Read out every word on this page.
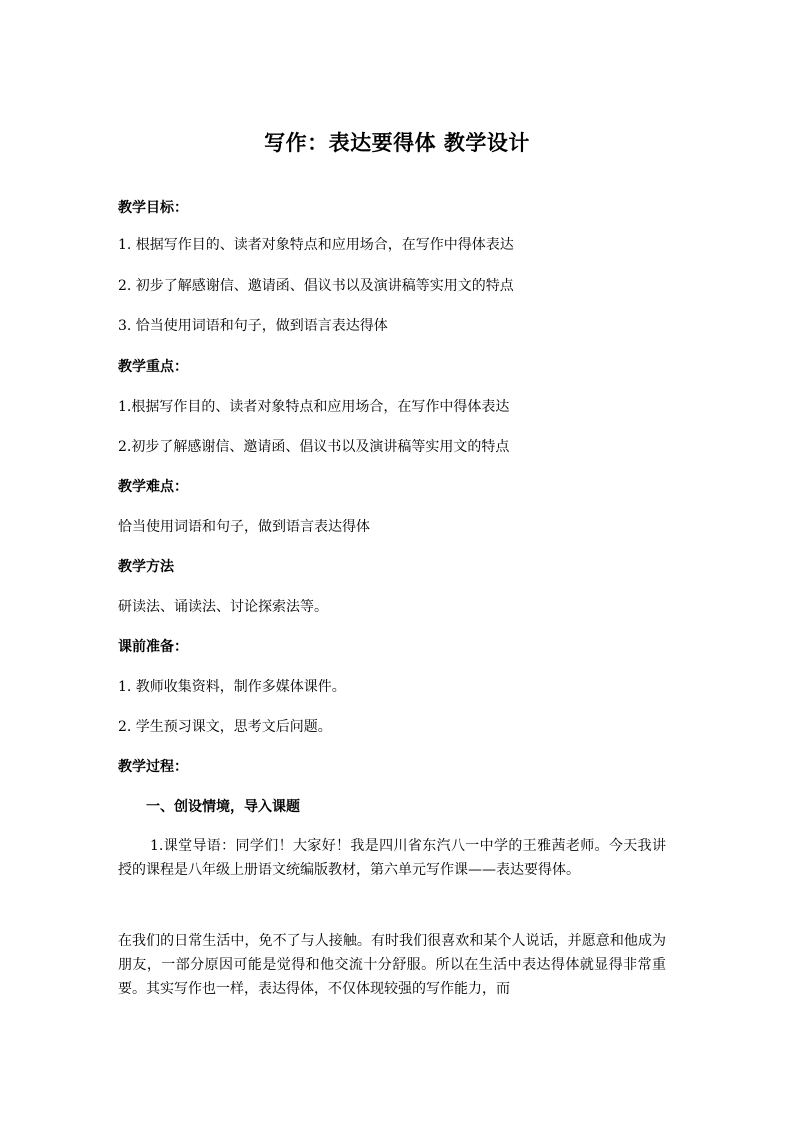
写作：表达要得体 教学设计
教学目标：
1. 根据写作目的、读者对象特点和应用场合，在写作中得体表达
2. 初步了解感谢信、邀请函、倡议书以及演讲稿等实用文的特点
3. 恰当使用词语和句子，做到语言表达得体
教学重点：
1.根据写作目的、读者对象特点和应用场合，在写作中得体表达
2.初步了解感谢信、邀请函、倡议书以及演讲稿等实用文的特点
教学难点：
恰当使用词语和句子，做到语言表达得体
教学方法
研读法、诵读法、讨论探索法等。
课前准备：
1. 教师收集资料，制作多媒体课件。
2. 学生预习课文，思考文后问题。
教学过程：
一、创设情境，导入课题
1.课堂导语：同学们！大家好！我是四川省东汽八一中学的王雅茜老师。今天我讲授的课程是八年级上册语文统编版教材，第六单元写作课——表达要得体。
在我们的日常生活中，免不了与人接触。有时我们很喜欢和某个人说话，并愿意和他成为朋友，一部分原因可能是觉得和他交流十分舒服。所以在生活中表达得体就显得非常重要。其实写作也一样，表达得体，不仅体现较强的写作能力，而
